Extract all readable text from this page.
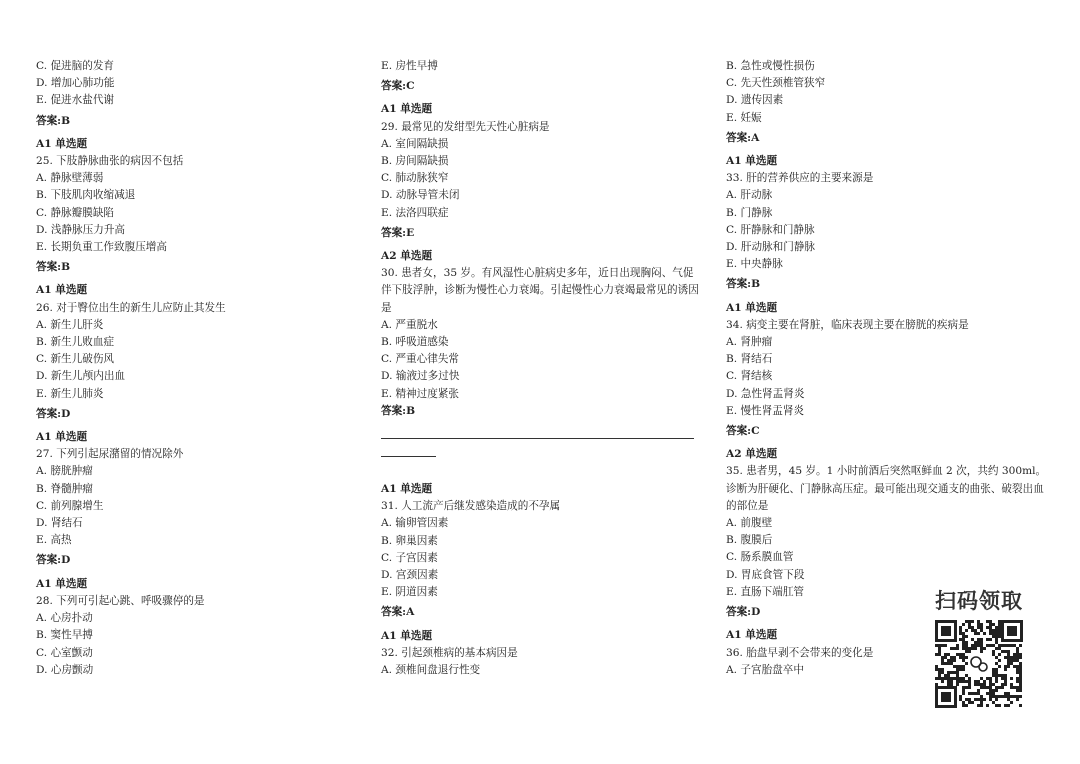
C. 促进脑的发育
D. 增加心肺功能
E. 促进水盐代谢
答案:B
A1 单选题
25. 下肢静脉曲张的病因不包括
A. 静脉壁薄弱
B. 下肢肌肉收缩减退
C. 静脉瓣膜缺陷
D. 浅静脉压力升高
E. 长期负重工作致腹压增高
答案:B
A1 单选题
26. 对于臀位出生的新生儿应防止其发生
A. 新生儿肝炎
B. 新生儿败血症
C. 新生儿破伤风
D. 新生儿颅内出血
E. 新生儿肺炎
答案:D
A1 单选题
27. 下列引起尿潴留的情况除外
A. 膀胱肿瘤
B. 脊髓肿瘤
C. 前列腺增生
D. 肾结石
E. 高热
答案:D
A1 单选题
28. 下列可引起心跳、呼吸骤停的是
A. 心房扑动
B. 窦性早搏
C. 心室颤动
D. 心房颤动
E. 房性早搏
答案:C
A1 单选题
29. 最常见的发绀型先天性心脏病是
A. 室间隔缺损
B. 房间隔缺损
C. 肺动脉狭窄
D. 动脉导管未闭
E. 法洛四联症
答案:E
A2 单选题
30. 患者女，35 岁。有风湿性心脏病史多年，近日出现胸闷、气促伴下肢浮肿，诊断为慢性心力衰竭。引起慢性心力衰竭最常见的诱因是
A. 严重脱水
B. 呼吸道感染
C. 严重心律失常
D. 输液过多过快
E. 精神过度紧张
答案:B
A1 单选题
31. 人工流产后继发感染造成的不孕属
A. 输卵管因素
B. 卵巢因素
C. 子宫因素
D. 宫颈因素
E. 阴道因素
答案:A
A1 单选题
32. 引起颈椎病的基本病因是
A. 颈椎间盘退行性变
B. 急性或慢性损伤
C. 先天性颈椎管狭窄
D. 遗传因素
E. 妊娠
答案:A
A1 单选题
33. 肝的营养供应的主要来源是
A. 肝动脉
B. 门静脉
C. 肝静脉和门静脉
D. 肝动脉和门静脉
E. 中央静脉
答案:B
A1 单选题
34. 病变主要在肾脏，临床表现主要在膀胱的疾病是
A. 肾肿瘤
B. 肾结石
C. 肾结核
D. 急性肾盂肾炎
E. 慢性肾盂肾炎
答案:C
A2 单选题
35. 患者男，45 岁。1 小时前酒后突然呕鲜血 2 次，共约 300ml。诊断为肝硬化、门静脉高压症。最可能出现交通支的曲张、破裂出血的部位是
A. 前腹壁
B. 腹膜后
C. 肠系膜血管
D. 胃底食管下段
E. 直肠下端肛管
答案:D
A1 单选题
36. 胎盘早剥不会带来的变化是
A. 子宫胎盘卒中
扫码领取
